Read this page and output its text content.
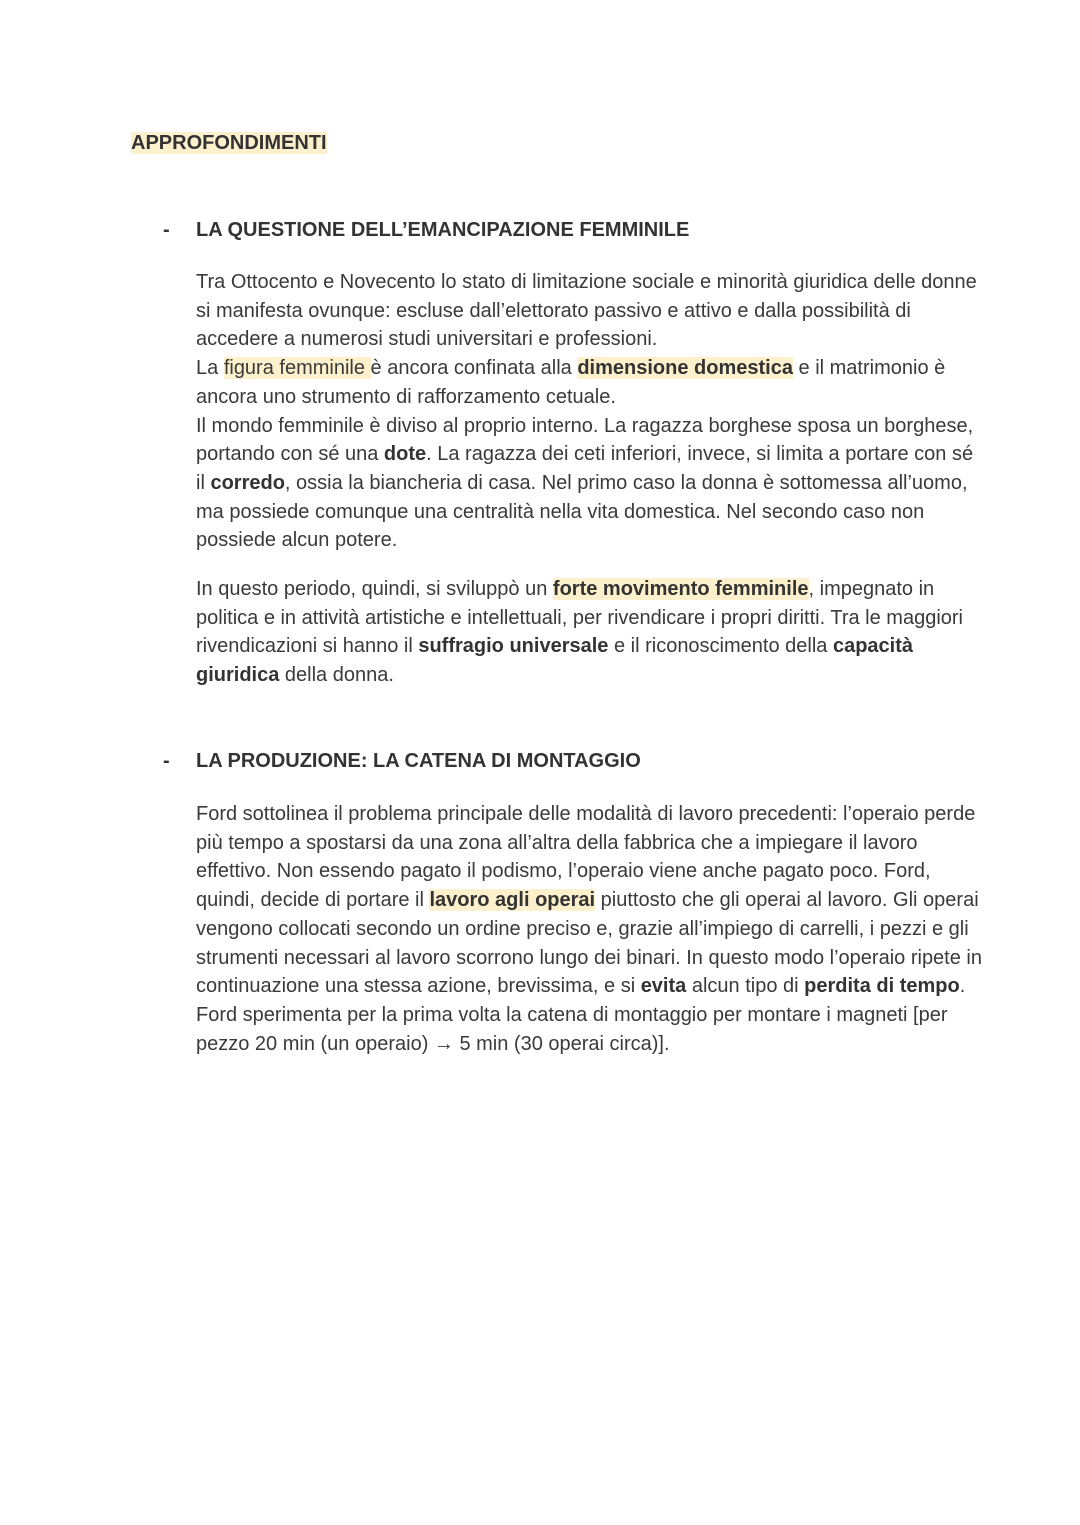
APPROFONDIMENTI
- LA QUESTIONE DELL’EMANCIPAZIONE FEMMINILE
Tra Ottocento e Novecento lo stato di limitazione sociale e minorità giuridica delle donne si manifesta ovunque: escluse dall’elettorato passivo e attivo e dalla possibilità di accedere a numerosi studi universitari e professioni.
La figura femminile è ancora confinata alla dimensione domestica e il matrimonio è ancora uno strumento di rafforzamento cetuale.
Il mondo femminile è diviso al proprio interno. La ragazza borghese sposa un borghese, portando con sé una dote. La ragazza dei ceti inferiori, invece, si limita a portare con sé il corredo, ossia la biancheria di casa. Nel primo caso la donna è sottomessa all’uomo, ma possiede comunque una centralità nella vita domestica. Nel secondo caso non possiede alcun potere.
In questo periodo, quindi, si sviluppò un forte movimento femminile, impegnato in politica e in attività artistiche e intellettuali, per rivendicare i propri diritti. Tra le maggiori rivendicazioni si hanno il suffragio universale e il riconoscimento della capacità giuridica della donna.
- LA PRODUZIONE: LA CATENA DI MONTAGGIO
Ford sottolinea il problema principale delle modalità di lavoro precedenti: l’operaio perde più tempo a spostarsi da una zona all’altra della fabbrica che a impiegare il lavoro effettivo. Non essendo pagato il podismo, l’operaio viene anche pagato poco. Ford, quindi, decide di portare il lavoro agli operai piuttosto che gli operai al lavoro. Gli operai vengono collocati secondo un ordine preciso e, grazie all’impiego di carrelli, i pezzi e gli strumenti necessari al lavoro scorrono lungo dei binari. In questo modo l’operaio ripete in continuazione una stessa azione, brevissima, e si evita alcun tipo di perdita di tempo. Ford sperimenta per la prima volta la catena di montaggio per montare i magneti [per pezzo 20 min (un operaio) → 5 min (30 operai circa)].
